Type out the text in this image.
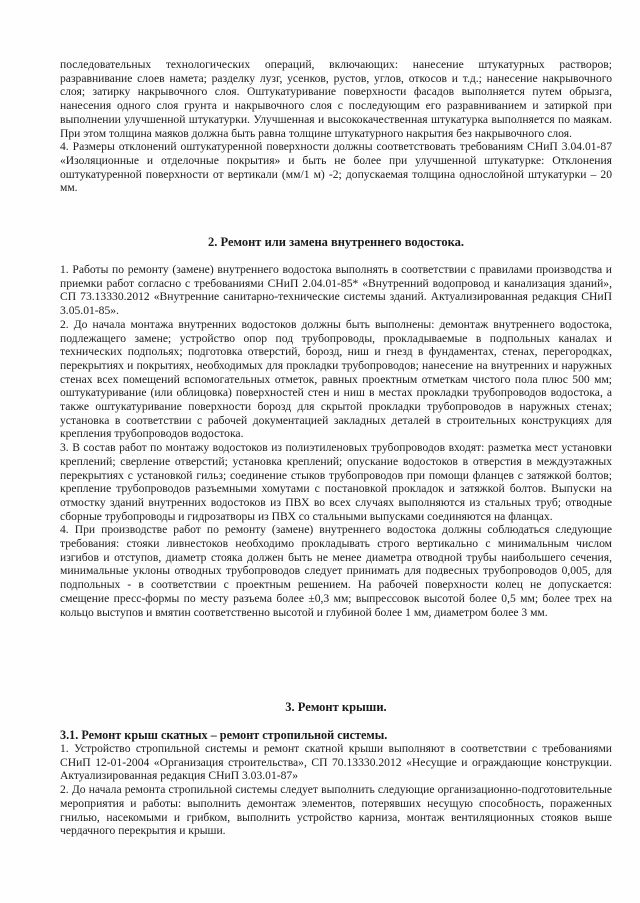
последовательных технологических операций, включающих: нанесение штукатурных растворов; разравнивание слоев намета; разделку лузг, усенков, рустов, углов, откосов и т.д.; нанесение накрывочного слоя; затирку накрывочного слоя. Оштукатуривание поверхности фасадов выполняется путем обрызга, нанесения одного слоя грунта и накрывочного слоя с последующим его разравниванием и затиркой при выполнении улучшенной штукатурки. Улучшенная и высококачественная штукатурка выполняется по маякам. При этом толщина маяков должна быть равна толщине штукатурного накрытия без накрывочного слоя.

4. Размеры отклонений оштукатуренной поверхности должны соответствовать требованиям СНиП 3.04.01-87 «Изоляционные и отделочные покрытия» и быть не более при улучшенной штукатурке: Отклонения оштукатуренной поверхности от вертикали (мм/1 м) -2; допускаемая толщина однослойной штукатурки – 20 мм.

2. Ремонт или замена внутреннего водостока.

1. Работы по ремонту (замене) внутреннего водостока выполнять в соответствии с правилами производства и приемки работ согласно с требованиями СНиП 2.04.01-85* «Внутренний водопровод и канализация зданий», СП 73.13330.2012 «Внутренние санитарно-технические системы зданий. Актуализированная редакция СНиП 3.05.01-85».

2. До начала монтажа внутренних водостоков должны быть выполнены: демонтаж внутреннего водостока, подлежащего замене; устройство опор под трубопроводы, прокладываемые в подпольных каналах и технических подпольях; подготовка отверстий, борозд, ниш и гнезд в фундаментах, стенах, перегородках, перекрытиях и покрытиях, необходимых для прокладки трубопроводов; нанесение на внутренних и наружных стенах всех помещений вспомогательных отметок, равных проектным отметкам чистого пола плюс 500 мм; оштукатуривание (или облицовка) поверхностей стен и ниш в местах прокладки трубопроводов водостока, а также оштукатуривание поверхности борозд для скрытой прокладки трубопроводов в наружных стенах; установка в соответствии с рабочей документацией закладных деталей в строительных конструкциях для крепления трубопроводов водостока.

3. В состав работ по монтажу водостоков из полиэтиленовых трубопроводов входят: разметка мест установки креплений; сверление отверстий; установка креплений; опускание водостоков в отверстия в междуэтажных перекрытиях с установкой гильз; соединение стыков трубопроводов при помощи фланцев с затяжкой болтов; крепление трубопроводов разъемными хомутами с постановкой прокладок и затяжкой болтов. Выпуски на отмостку зданий внутренних водостоков из ПВХ во всех случаях выполняются из стальных труб; отводные сборные трубопроводы и гидрозатворы из ПВХ со стальными выпусками соединяются на фланцах.

4. При производстве работ по ремонту (замене) внутреннего водостока должны соблюдаться следующие требования: стояки ливнестоков необходимо прокладывать строго вертикально с минимальным числом изгибов и отступов, диаметр стояка должен быть не менее диаметра отводной трубы наибольшего сечения, минимальные уклоны отводных трубопроводов следует принимать для подвесных трубопроводов 0,005, для подпольных - в соответствии с проектным решением. На рабочей поверхности колец не допускается: смещение пресс-формы по месту разъема более ±0,3 мм; выпрессовок высотой более 0,5 мм; более трех на кольцо выступов и вмятин соответственно высотой и глубиной более 1 мм, диаметром более 3 мм.

3. Ремонт крыши.

3.1. Ремонт крыш скатных – ремонт стропильной системы.

1. Устройство стропильной системы и ремонт скатной крыши выполняют в соответствии с требованиями СНиП 12-01-2004 «Организация строительства», СП 70.13330.2012 «Несущие и ограждающие конструкции. Актуализированная редакция СНиП 3.03.01-87»

2. До начала ремонта стропильной системы следует выполнить следующие организационно-подготовительные мероприятия и работы: выполнить демонтаж элементов, потерявших несущую способность, пораженных гнилью, насекомыми и грибком, выполнить устройство карниза, монтаж вентиляционных стояков выше чердачного перекрытия и крыши.
